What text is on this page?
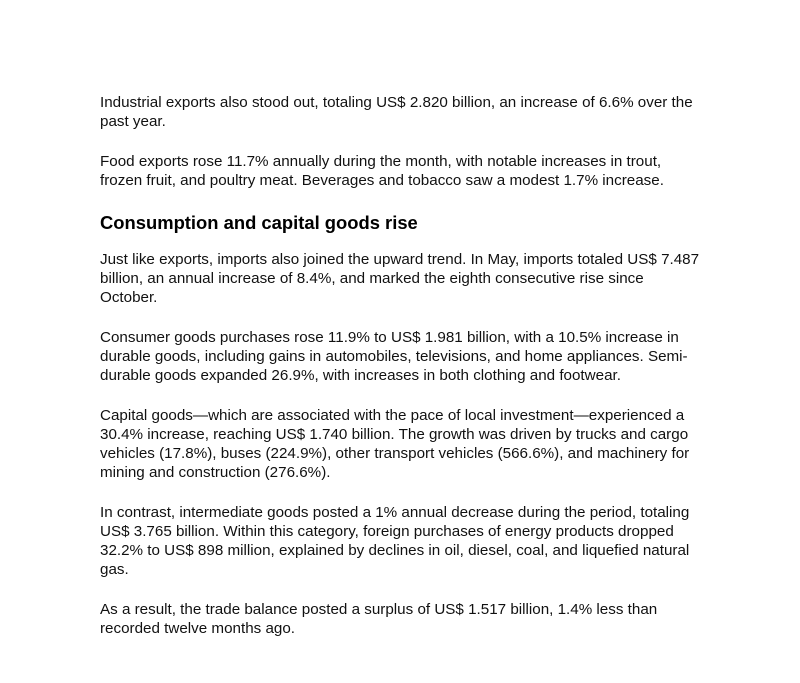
Industrial exports also stood out, totaling US$ 2.820 billion, an increase of 6.6% over the past year.

Food exports rose 11.7% annually during the month, with notable increases in trout, frozen fruit, and poultry meat. Beverages and tobacco saw a modest 1.7% increase.

Consumption and capital goods rise

Just like exports, imports also joined the upward trend. In May, imports totaled US$ 7.487 billion, an annual increase of 8.4%, and marked the eighth consecutive rise since October.

Consumer goods purchases rose 11.9% to US$ 1.981 billion, with a 10.5% increase in durable goods, including gains in automobiles, televisions, and home appliances. Semi-durable goods expanded 26.9%, with increases in both clothing and footwear.

Capital goods—which are associated with the pace of local investment—experienced a 30.4% increase, reaching US$ 1.740 billion. The growth was driven by trucks and cargo vehicles (17.8%), buses (224.9%), other transport vehicles (566.6%), and machinery for mining and construction (276.6%).

In contrast, intermediate goods posted a 1% annual decrease during the period, totaling US$ 3.765 billion. Within this category, foreign purchases of energy products dropped 32.2% to US$ 898 million, explained by declines in oil, diesel, coal, and liquefied natural gas.

As a result, the trade balance posted a surplus of US$ 1.517 billion, 1.4% less than recorded twelve months ago.
